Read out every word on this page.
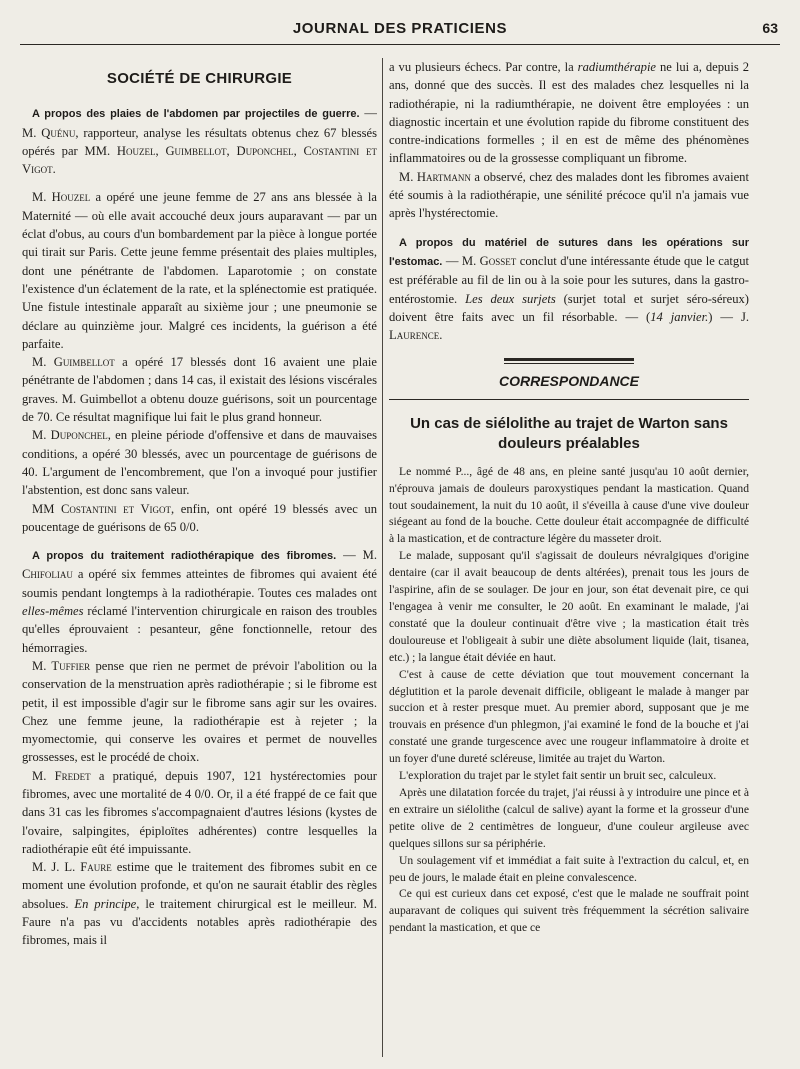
JOURNAL DES PRATICIENS	63
SOCIÉTÉ DE CHIRURGIE

A propos des plaies de l'abdomen par projectiles de guerre. — M. Quénu, rapporteur, analyse les résultats obtenus chez 67 blessés opérés par MM. Houzel, Guimbellot, Duponchel, Costantini et Vigot.

M. Houzel a opéré une jeune femme de 27 ans ans blessée à la Maternité — où elle avait accouché deux jours auparavant — par un éclat d'obus, au cours d'un bombardement par la pièce à longue portée qui tirait sur Paris. Cette jeune femme présentait des plaies multiples, dont une pénétrante de l'abdomen. Laparotomie ; on constate l'existence d'un éclatement de la rate, et la splénectomie est pratiquée. Une fistule intestinale apparaît au sixième jour ; une pneumonie se déclare au quinzième jour. Malgré ces incidents, la guérison a été parfaite.

M. Guimbellot a opéré 17 blessés dont 16 avaient une plaie pénétrante de l'abdomen ; dans 14 cas, il existait des lésions viscérales graves. M. Guimbellot a obtenu douze guérisons, soit un pourcentage de 70. Ce résultat magnifique lui fait le plus grand honneur.

M. Duponchel, en pleine période d'offensive et dans de mauvaises conditions, a opéré 30 blessés, avec un pourcentage de guérisons de 40. L'argument de l'encombrement, que l'on a invoqué pour justifier l'abstention, est donc sans valeur.

MM Costantini et Vigot, enfin, ont opéré 19 blessés avec un poucentage de guérisons de 65 0/0.

A propos du traitement radiothérapique des fibromes. — M. Chifoliau a opéré six femmes atteintes de fibromes qui avaient été soumis pendant longtemps à la radiothérapie. Toutes ces malades ont elles-mêmes réclamé l'intervention chirurgicale en raison des troubles qu'elles éprouvaient : pesanteur, gêne fonctionnelle, retour des hémorragies.

M. Tuffier pense que rien ne permet de prévoir l'abolition ou la conservation de la menstruation après radiothérapie ; si le fibrome est petit, il est impossible d'agir sur le fibrome sans agir sur les ovaires. Chez une femme jeune, la radiothérapie est à rejeter ; la myomectomie, qui conserve les ovaires et permet de nouvelles grossesses, est le procédé de choix.

M. Fredet a pratiqué, depuis 1907, 121 hystérectomies pour fibromes, avec une mortalité de 4 0/0. Or, il a été frappé de ce fait que dans 31 cas les fibromes s'accompagnaient d'autres lésions (kystes de l'ovaire, salpingites, épiploïtes adhérentes) contre lesquelles la radiothérapie eût été impuissante.

M. J. L. Faure estime que le traitement des fibromes subit en ce moment une évolution profonde, et qu'on ne saurait établir des règles absolues. En principe, le traitement chirurgical est le meilleur. M. Faure n'a pas vu d'accidents notables après radiothérapie des fibromes, mais il

a vu plusieurs échecs. Par contre, la radiumthérapie ne lui a, depuis 2 ans, donné que des succès. Il est des malades chez lesquelles ni la radiothérapie, ni la radiumthérapie, ne doivent être employées : un diagnostic incertain et une évolution rapide du fibrome constituent des contre-indications formelles ; il en est de même des phénomènes inflammatoires ou de la grossesse compliquant un fibrome.

M. Hartmann a observé, chez des malades dont les fibromes avaient été soumis à la radiothérapie, une sénilité précoce qu'il n'a jamais vue après l'hystérectomie.

A propos du matériel de sutures dans les opérations sur l'estomac. — M. Gosset conclut d'une intéressante étude que le catgut est préférable au fil de lin ou à la soie pour les sutures, dans la gastro-entérostomie. Les deux surjets (surjet total et surjet séro-séreux) doivent être faits avec un fil résorbable. — (14 janvier.) — J. Laurence.

CORRESPONDANCE
Un cas de siélolithe au trajet de Warton sans douleurs préalables

Le nommé P..., âgé de 48 ans, en pleine santé jusqu'au 10 août dernier, n'éprouva jamais de douleurs paroxystiques pendant la mastication. Quand tout soudainement, la nuit du 10 août, il s'éveilla à cause d'une vive douleur siégeant au fond de la bouche. Cette douleur était accompagnée de difficulté à la mastication, et de contracture légère du masseter droit.

Le malade, supposant qu'il s'agissait de douleurs névralgiques d'origine dentaire (car il avait beaucoup de dents altérées), prenait tous les jours de l'aspirine, afin de se soulager. De jour en jour, son état devenait pire, ce qui l'engagea à venir me consulter, le 20 août. En examinant le malade, j'ai constaté que la douleur continuait d'être vive ; la mastication était très douloureuse et l'obligeait à subir une diète absolument liquide (lait, tisanea, etc.) ; la langue était déviée en haut.

C'est à cause de cette déviation que tout mouvement concernant la déglutition et la parole devenait difficile, obligeant le malade à manger par succion et à rester presque muet. Au premier abord, supposant que je me trouvais en présence d'un phlegmon, j'ai examiné le fond de la bouche et j'ai constaté une grande turgescence avec une rougeur inflammatoire à droite et un foyer d'une dureté scléreuse, limitée au trajet du Warton.

L'exploration du trajet par le stylet fait sentir un bruit sec, calculeux.

Après une dilatation forcée du trajet, j'ai réussi à y introduire une pince et à en extraire un siélolithe (calcul de salive) ayant la forme et la grosseur d'une petite olive de 2 centimètres de longueur, d'une couleur argileuse avec quelques sillons sur sa périphérie.

Un soulagement vif et immédiat a fait suite à l'extraction du calcul, et, en peu de jours, le malade était en pleine convalescence.

Ce qui est curieux dans cet exposé, c'est que le malade ne souffrait point auparavant de coliques qui suivent très fréquemment la sécrétion salivaire pendant la mastication, et que ce
